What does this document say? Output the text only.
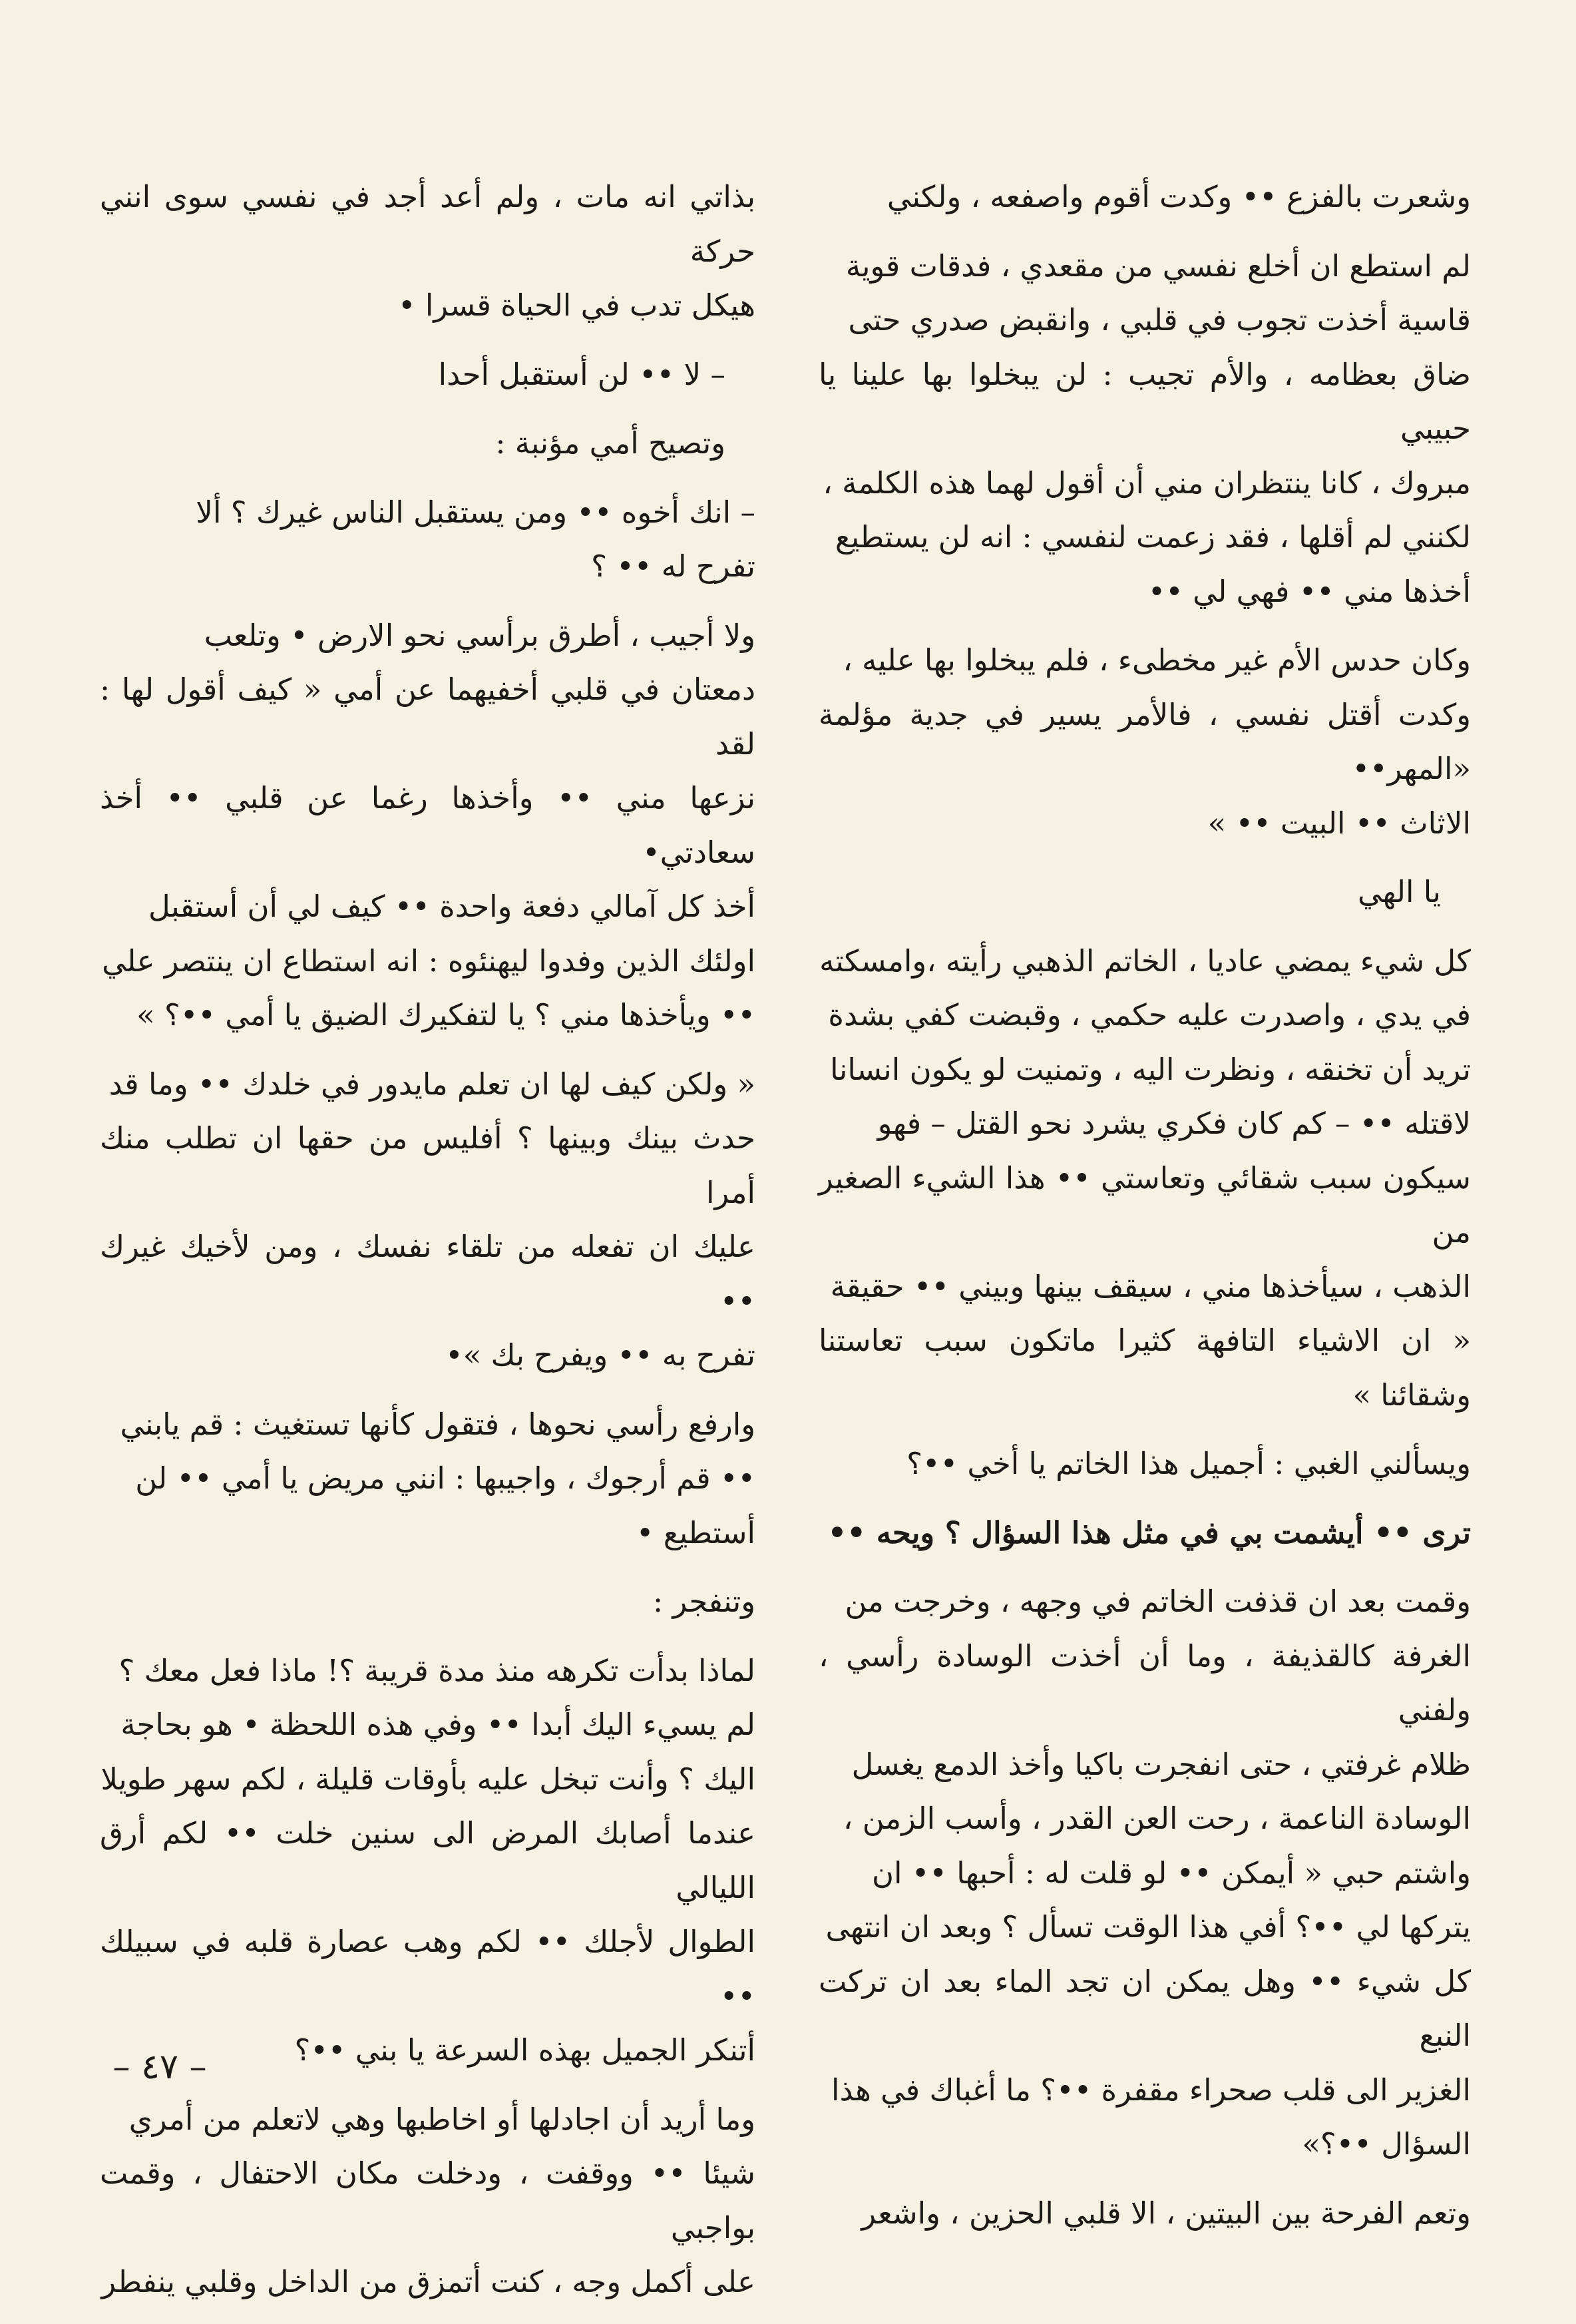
وشعرت بالفزع •• وكدت أقوم واصفعه ، ولكني

لم استطع ان أخلع نفسي من مقعدي ، فدقات قوية
قاسية أخذت تجوب في قلبي ، وانقبض صدري حتى
ضاق بعظامه ، والأم تجيب : لن يبخلوا بها علينا يا حبيبي
مبروك ، كانا ينتظران مني أن أقول لهما هذه الكلمة ،
لكنني لم أقلها ، فقد زعمت لنفسي : انه لن يستطيع
أخذها مني •• فهي لي ••

وكان حدس الأم غير مخطىء ، فلم يبخلوا بها عليه ،
وكدت أقتل نفسي ، فالأمر يسير في جدية مؤلمة «المهر••
الاثاث •• البيت •• »

يا الهي

كل شيء يمضي عاديا ، الخاتم الذهبي رأيته ،وامسكته
في يدي ، واصدرت عليه حكمي ، وقبضت كفي بشدة
تريد أن تخنقه ، ونظرت اليه ، وتمنيت لو يكون انسانا
لاقتله •• – كم كان فكري يشرد نحو القتل – فهو
سيكون سبب شقائي وتعاستي •• هذا الشيء الصغير من
الذهب ، سيأخذها مني ، سيقف بينها وبيني •• حقيقة
« ان الاشياء التافهة كثيرا ماتكون سبب تعاستنا وشقائنا »

ويسألني الغبي : أجميل هذا الخاتم يا أخي ••؟

ترى •• أيشمت بي في مثل هذا السؤال ؟ ويحه ••

وقمت بعد ان قذفت الخاتم في وجهه ، وخرجت من
الغرفة كالقذيفة ، وما أن أخذت الوسادة رأسي ، ولفني
ظلام غرفتي ، حتى انفجرت باكيا وأخذ الدمع يغسل
الوسادة الناعمة ، رحت العن القدر ، وأسب الزمن ،
واشتم حبي « أيمكن •• لو قلت له : أحبها •• ان
يتركها لي ••؟ أفي هذا الوقت تسأل ؟ وبعد ان انتهى
كل شيء •• وهل يمكن ان تجد الماء بعد ان تركت النبع
الغزير الى قلب صحراء مقفرة ••؟ ما أغباك في هذا
السؤال ••؟»

وتعم الفرحة بين البيتين ، الا قلبي الحزين ، واشعر

بذاتي انه مات ، ولم أعد أجد في نفسي سوى انني حركة
هيكل تدب في الحياة قسرا •

– لا •• لن أستقبل أحدا

وتصيح أمي مؤنبة :

– انك أخوه •• ومن يستقبل الناس غيرك ؟ ألا
تفرح له •• ؟

ولا أجيب ، أطرق برأسي نحو الارض • وتلعب
دمعتان في قلبي أخفيهما عن أمي « كيف أقول لها : لقد
نزعها مني •• وأخذها رغما عن قلبي •• أخذ سعادتي•
أخذ كل آمالي دفعة واحدة •• كيف لي أن أستقبل
اولئك الذين وفدوا ليهنئوه : انه استطاع ان ينتصر علي
•• ويأخذها مني ؟ يا لتفكيرك الضيق يا أمي ••؟ »

« ولكن كيف لها ان تعلم مايدور في خلدك •• وما قد
حدث بينك وبينها ؟ أفليس من حقها ان تطلب منك أمرا
عليك ان تفعله من تلقاء نفسك ، ومن لأخيك غيرك ••
تفرح به •• ويفرح بك »•

وارفع رأسي نحوها ، فتقول كأنها تستغيث : قم يابني
•• قم أرجوك ، واجيبها : انني مريض يا أمي •• لن
أستطيع •

وتنفجر :

لماذا بدأت تكرهه منذ مدة قريبة ؟! ماذا فعل معك ؟
لم يسيء اليك أبدا •• وفي هذه اللحظة • هو بحاجة
اليك ؟ وأنت تبخل عليه بأوقات قليلة ، لكم سهر طويلا
عندما أصابك المرض الى سنين خلت •• لكم أرق الليالي
الطوال لأجلك •• لكم وهب عصارة قلبه في سبيلك ••
أتنكر الجميل بهذه السرعة يا بني ••؟

وما أريد أن اجادلها أو اخاطبها وهي لاتعلم من أمري
شيئا •• ووقفت ، ودخلت مكان الاحتفال ، وقمت بواجبي
على أكمل وجه ، كنت أتمزق من الداخل وقلبي ينفطر

– ٤٧ –
